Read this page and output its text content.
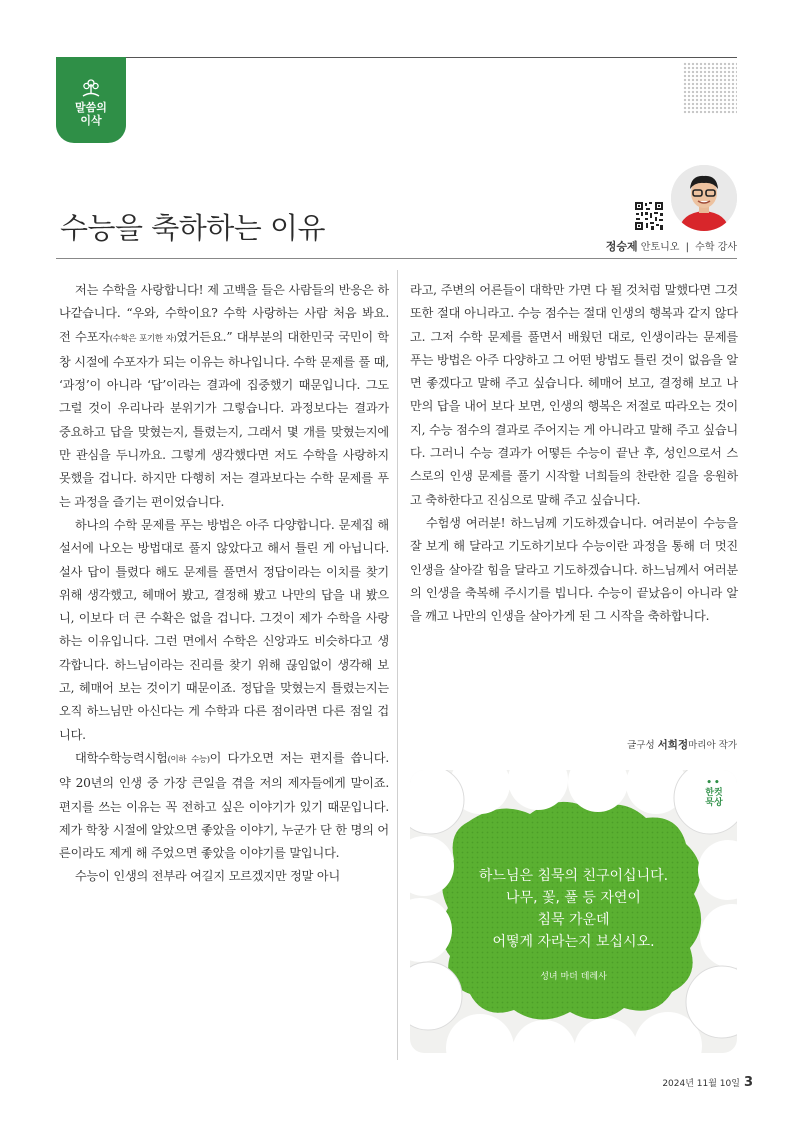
말씀의
이삭
수능을 축하하는 이유
정승제 안토니오 | 수학 강사

저는 수학을 사랑합니다! 제 고백을 들은 사람들의 반응은 하나같습니다. “우와, 수학이요? 수학 사랑하는 사람 처음 봐요. 전 수포자(수학은 포기한 자)였거든요.” 대부분의 대한민국 국민이 학창 시절에 수포자가 되는 이유는 하나입니다. 수학 문제를 풀 때, ‘과정’이 아니라 ‘답’이라는 결과에 집중했기 때문입니다. 그도 그럴 것이 우리나라 분위기가 그렇습니다. 과정보다는 결과가 중요하고 답을 맞혔는지, 틀렸는지, 그래서 몇 개를 맞혔는지에만 관심을 두니까요. 그렇게 생각했다면 저도 수학을 사랑하지 못했을 겁니다. 하지만 다행히 저는 결과보다는 수학 문제를 푸는 과정을 즐기는 편이었습니다.

하나의 수학 문제를 푸는 방법은 아주 다양합니다. 문제집 해설서에 나오는 방법대로 풀지 않았다고 해서 틀린 게 아닙니다. 설사 답이 틀렸다 해도 문제를 풀면서 정답이라는 이치를 찾기 위해 생각했고, 헤매어 봤고, 결정해 봤고 나만의 답을 내 봤으니, 이보다 더 큰 수확은 없을 겁니다. 그것이 제가 수학을 사랑하는 이유입니다. 그런 면에서 수학은 신앙과도 비슷하다고 생각합니다. 하느님이라는 진리를 찾기 위해 끊임없이 생각해 보고, 헤매어 보는 것이기 때문이죠. 정답을 맞혔는지 틀렸는지는 오직 하느님만 아신다는 게 수학과 다른 점이라면 다른 점일 겁니다.

대학수학능력시험(이하 수능)이 다가오면 저는 편지를 씁니다. 약 20년의 인생 중 가장 큰일을 겪을 저의 제자들에게 말이죠. 편지를 쓰는 이유는 꼭 전하고 싶은 이야기가 있기 때문입니다. 제가 학창 시절에 알았으면 좋았을 이야기, 누군가 단 한 명의 어른이라도 제게 해 주었으면 좋았을 이야기를 말입니다.

수능이 인생의 전부라 여길지 모르겠지만 정말 아니

라고, 주변의 어른들이 대학만 가면 다 될 것처럼 말했다면 그것 또한 절대 아니라고. 수능 점수는 절대 인생의 행복과 같지 않다고. 그저 수학 문제를 풀면서 배웠던 대로, 인생이라는 문제를 푸는 방법은 아주 다양하고 그 어떤 방법도 틀린 것이 없음을 알면 좋겠다고 말해 주고 싶습니다. 헤매어 보고, 결정해 보고 나만의 답을 내어 보다 보면, 인생의 행복은 저절로 따라오는 것이지, 수능 점수의 결과로 주어지는 게 아니라고 말해 주고 싶습니다. 그러니 수능 결과가 어떻든 수능이 끝난 후, 성인으로서 스스로의 인생 문제를 풀기 시작할 너희들의 찬란한 길을 응원하고 축하한다고 진심으로 말해 주고 싶습니다.

수험생 여러분! 하느님께 기도하겠습니다. 여러분이 수능을 잘 보게 해 달라고 기도하기보다 수능이란 과정을 통해 더 멋진 인생을 살아갈 힘을 달라고 기도하겠습니다. 하느님께서 여러분의 인생을 축복해 주시기를 빕니다. 수능이 끝났음이 아니라 알을 깨고 나만의 인생을 살아가게 된 그 시작을 축하합니다.

글구성 서희정마리아 작가
••
한컷
묵상
하느님은 침묵의 친구이십니다.
나무, 꽃, 풀 등 자연이
침묵 가운데
어떻게 자라는지 보십시오.
성녀 마더 데레사
2024년 11월 10일 3
